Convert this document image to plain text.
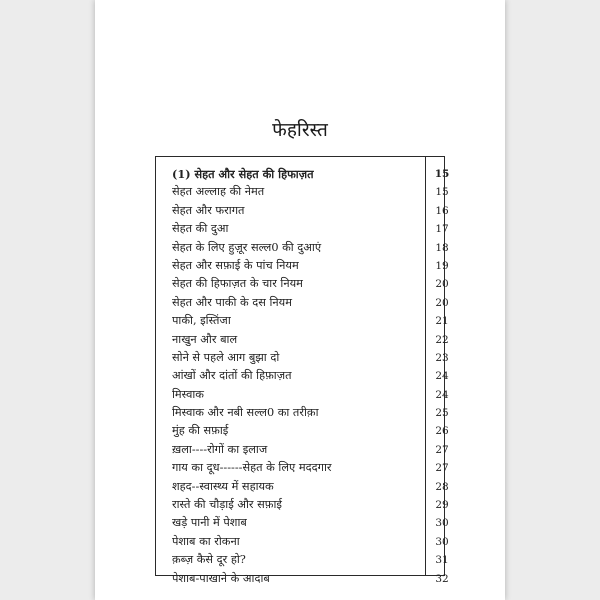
फेहरिस्त
(1) सेहत और सेहत की हिफाज़त	15
सेहत अल्लाह की नेमत	15
सेहत और फरागत	16
सेहत की दुआ	17
सेहत के लिए हुज़ूर सल्ल0 की दुआएं	18
सेहत और सफ़ाई के पांच नियम	19
सेहत की हिफाज़त के चार नियम	20
सेहत और पाकी के दस नियम	20
पाकी, इस्तिंजा	21
नाखुन और बाल	22
सोने से पहले आग बुझा दो	23
आंखों और दांतों की हिफ़ाज़त	24
मिस्वाक	24
मिस्वाक और नबी सल्ल0 का तरीक़ा	25
मुंह की सफ़ाई	26
ख़ला----रोगों का इलाज	27
गाय का दूध------सेहत के लिए मददगार	27
शहद--स्वास्थ्य में सहायक	28
रास्ते की चौड़ाई और सफ़ाई	29
खड़े पानी में पेशाब	30
पेशाब का रोकना	30
क़ब्ज़ कैसे दूर हो?	31
पेशाब-पाखाने के आदाब	32
